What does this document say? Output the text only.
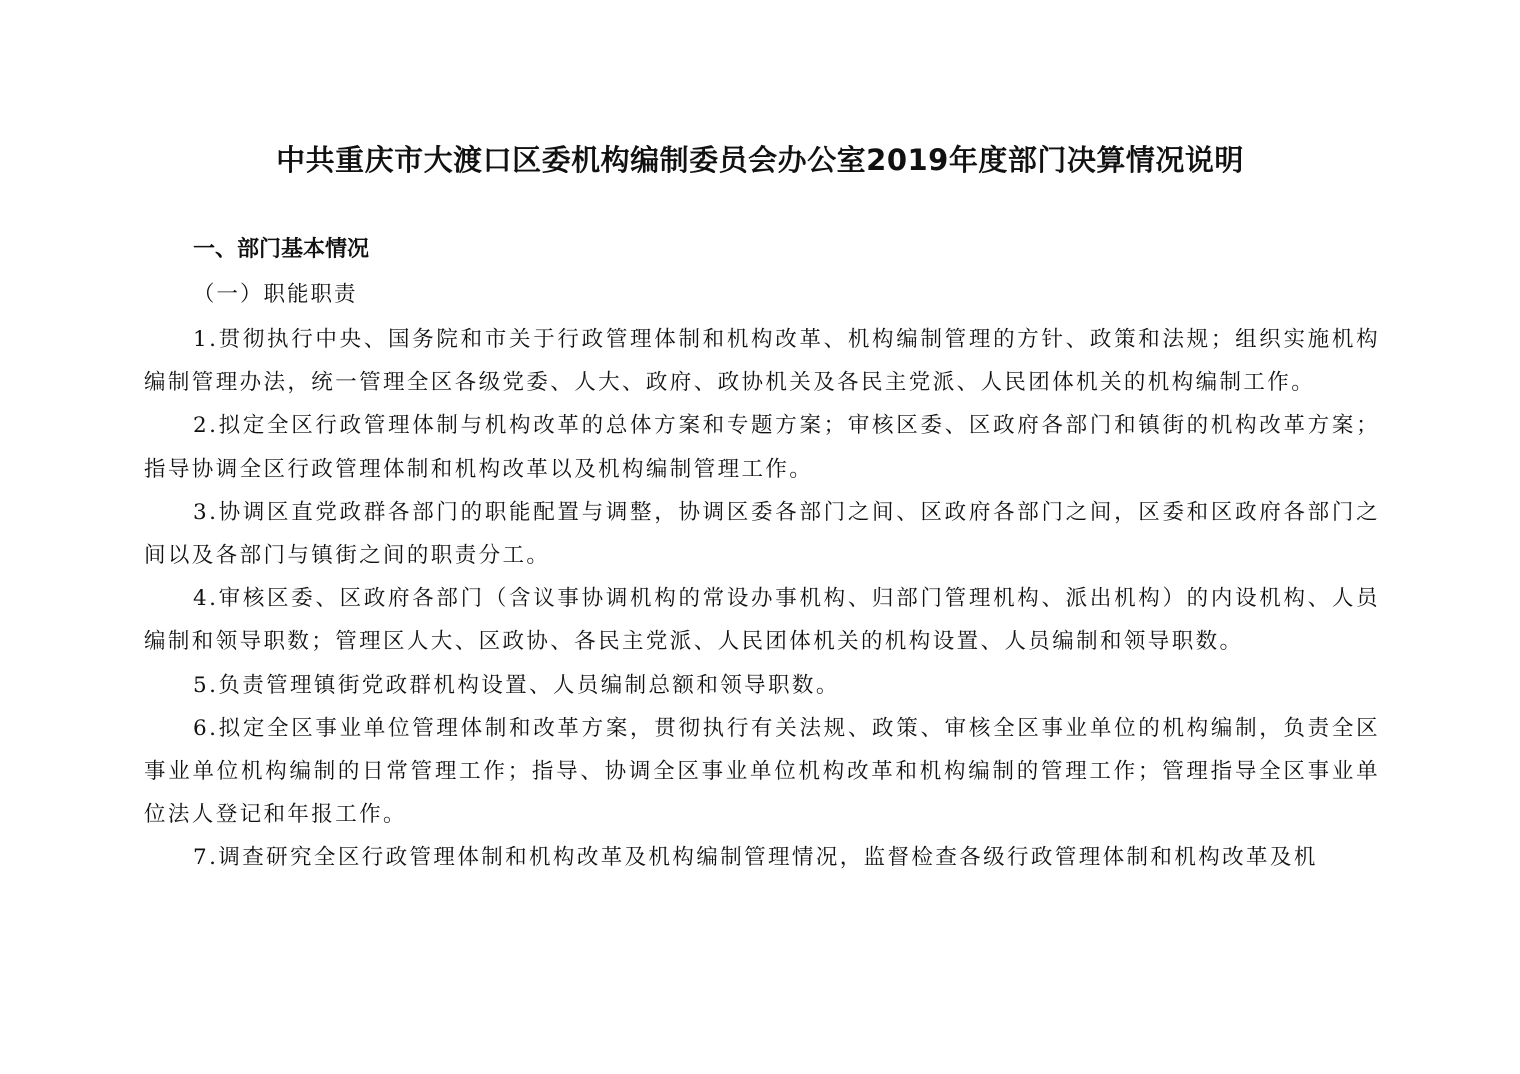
中共重庆市大渡口区委机构编制委员会办公室2019年度部门决算情况说明
一、部门基本情况
（一）职能职责

1.贯彻执行中央、国务院和市关于行政管理体制和机构改革、机构编制管理的方针、政策和法规；组织实施机构编制管理办法，统一管理全区各级党委、人大、政府、政协机关及各民主党派、人民团体机关的机构编制工作。

2.拟定全区行政管理体制与机构改革的总体方案和专题方案；审核区委、区政府各部门和镇街的机构改革方案；指导协调全区行政管理体制和机构改革以及机构编制管理工作。

3.协调区直党政群各部门的职能配置与调整，协调区委各部门之间、区政府各部门之间，区委和区政府各部门之间以及各部门与镇街之间的职责分工。

4.审核区委、区政府各部门（含议事协调机构的常设办事机构、归部门管理机构、派出机构）的内设机构、人员编制和领导职数；管理区人大、区政协、各民主党派、人民团体机关的机构设置、人员编制和领导职数。

5.负责管理镇街党政群机构设置、人员编制总额和领导职数。

6.拟定全区事业单位管理体制和改革方案，贯彻执行有关法规、政策、审核全区事业单位的机构编制，负责全区事业单位机构编制的日常管理工作；指导、协调全区事业单位机构改革和机构编制的管理工作；管理指导全区事业单位法人登记和年报工作。

7.调查研究全区行政管理体制和机构改革及机构编制管理情况，监督检查各级行政管理体制和机构改革及机
